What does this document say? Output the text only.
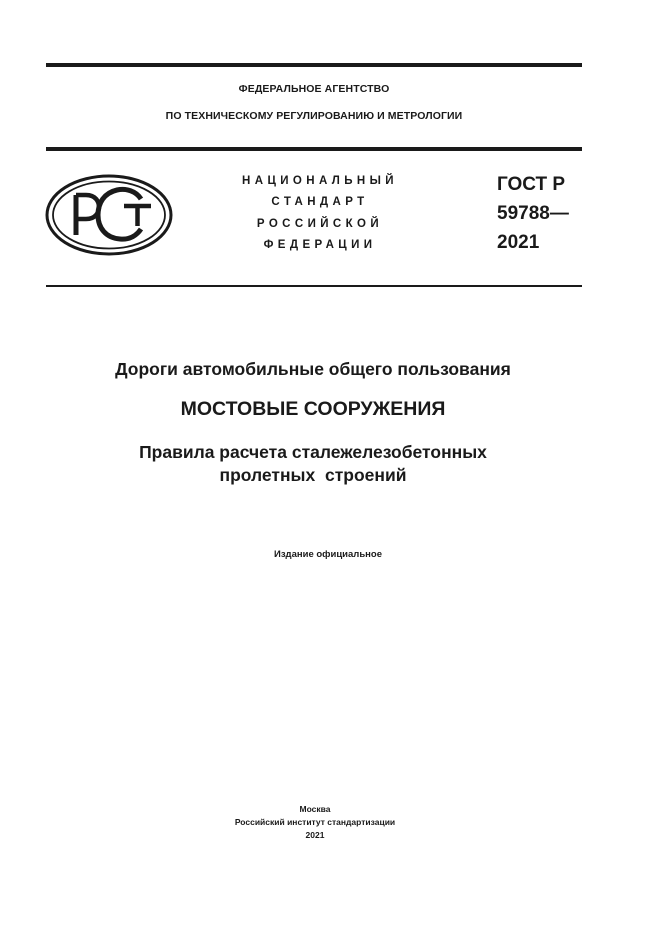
ФЕДЕРАЛЬНОЕ АГЕНТСТВО
ПО ТЕХНИЧЕСКОМУ РЕГУЛИРОВАНИЮ И МЕТРОЛОГИИ
НАЦИОНАЛЬНЫЙ
СТАНДАРТ
РОССИЙСКОЙ
ФЕДЕРАЦИИ
ГОСТ Р
59788—
2021
Дороги автомобильные общего пользования
МОСТОВЫЕ СООРУЖЕНИЯ
Правила расчета сталежелезобетонных
пролетных  строений
Издание официальное
Москва
Российский институт стандартизации
2021
